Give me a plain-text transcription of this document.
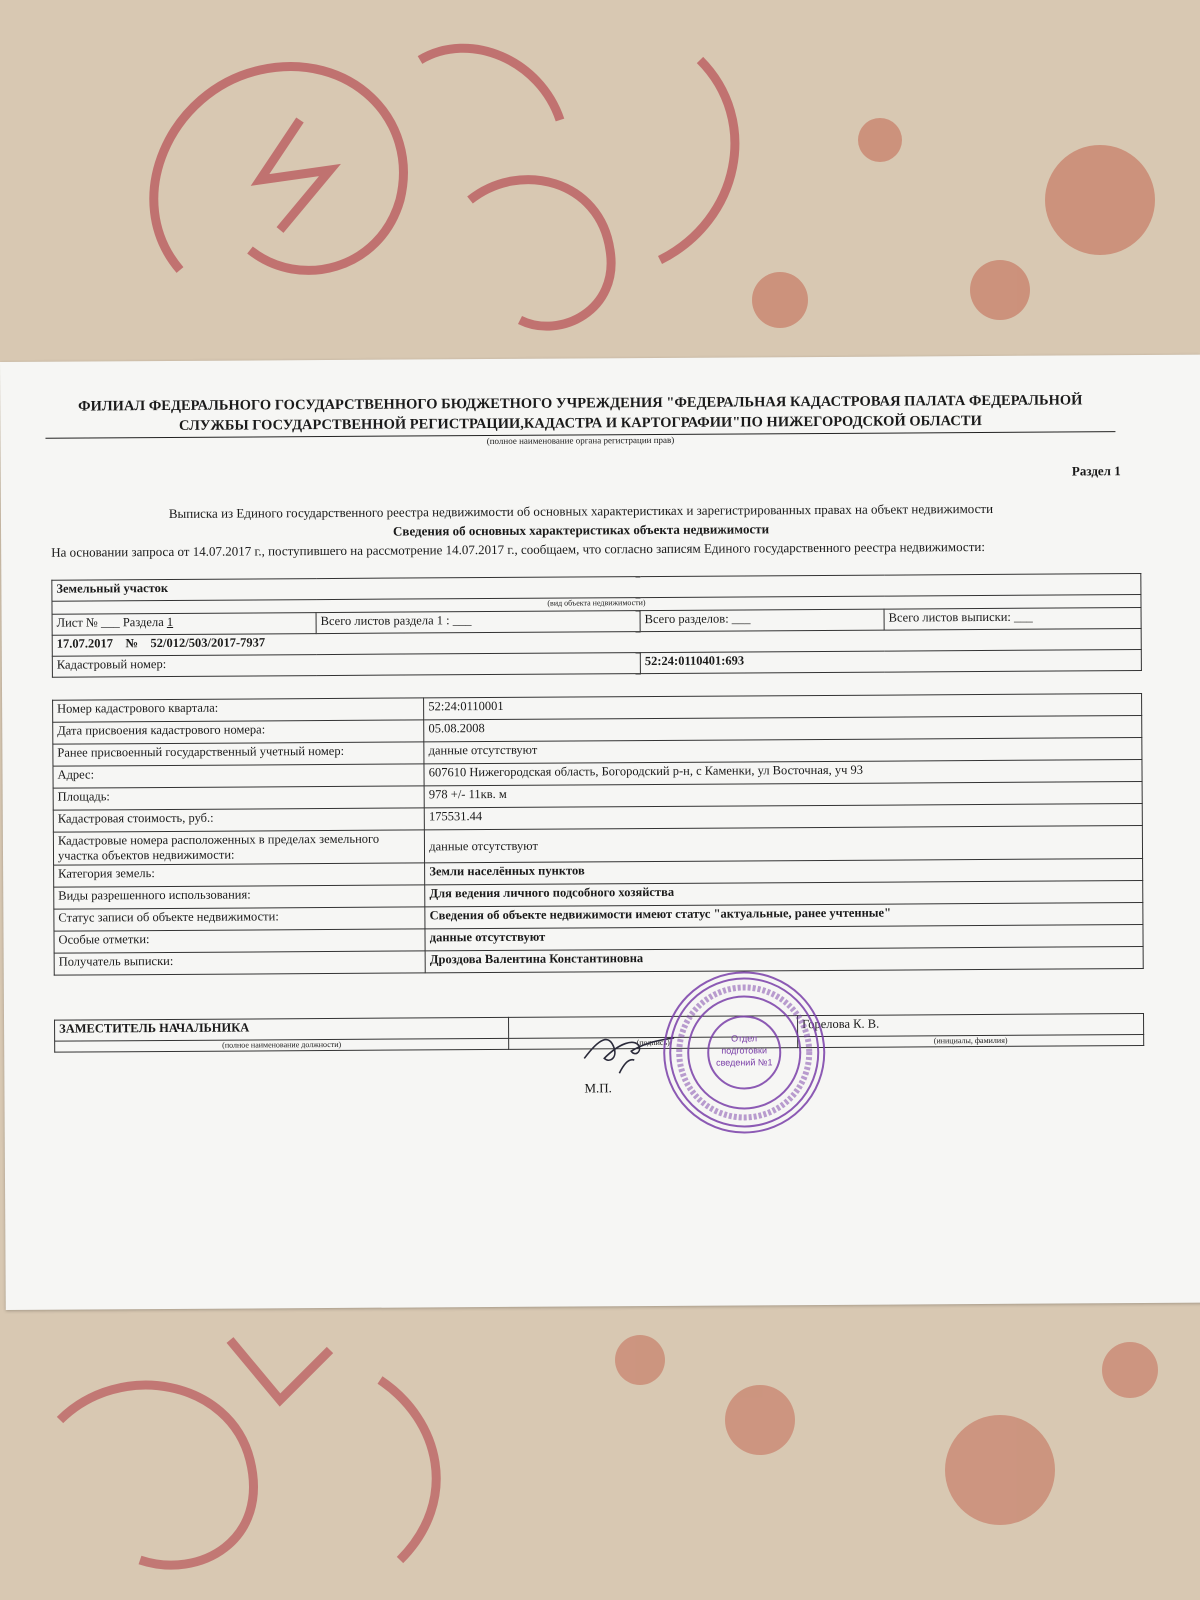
ФИЛИАЛ ФЕДЕРАЛЬНОГО ГОСУДАРСТВЕННОГО БЮДЖЕТНОГО УЧРЕЖДЕНИЯ "ФЕДЕРАЛЬНАЯ КАДАСТРОВАЯ ПАЛАТА ФЕДЕРАЛЬНОЙ
СЛУЖБЫ ГОСУДАРСТВЕННОЙ РЕГИСТРАЦИИ,КАДАСТРА И КАРТОГРАФИИ"ПО НИЖЕГОРОДСКОЙ ОБЛАСТИ
(полное наименование органа регистрации прав)
Раздел 1
Выписка из Единого государственного реестра недвижимости об основных характеристиках и зарегистрированных правах на объект недвижимости
Сведения об основных характеристиках объекта недвижимости
На основании запроса от 14.07.2017 г., поступившего на рассмотрение 14.07.2017 г., сообщаем, что согласно записям Единого государственного реестра недвижимости:
Земельный участок			
(вид объекта недвижимости)			
Лист № ___ Раздела 1	Всего листов раздела 1 : ___	Всего разделов: ___	Всего листов выписки: ___
17.07.2017    №    52/012/503/2017-7937			
Кадастровый номер:		52:24:0110401:693	
Номер кадастрового квартала:	52:24:0110001
Дата присвоения кадастрового номера:	05.08.2008
Ранее присвоенный государственный учетный номер:	данные отсутствуют
Адрес:	607610 Нижегородская область, Богородский р-н, с Каменки, ул Восточная, уч 93
Площадь:	978 +/- 11кв. м
Кадастровая стоимость, руб.:	175531.44
Кадастровые номера расположенных в пределах земельного участка объектов недвижимости:	данные отсутствуют
Категория земель:	Земли населённых пунктов
Виды разрешенного использования:	Для ведения личного подсобного хозяйства
Статус записи об объекте недвижимости:	Сведения об объекте недвижимости имеют статус "актуальные, ранее учтенные"
Особые отметки:	данные отсутствуют
Получатель выписки:	Дроздова Валентина Константиновна
ЗАМЕСТИТЕЛЬ НАЧАЛЬНИКА		Горелова К. В.
(полное наименование должности)	(подпись)	(инициалы, фамилия)
М.П.
Отдел
подготовки
сведений №1
